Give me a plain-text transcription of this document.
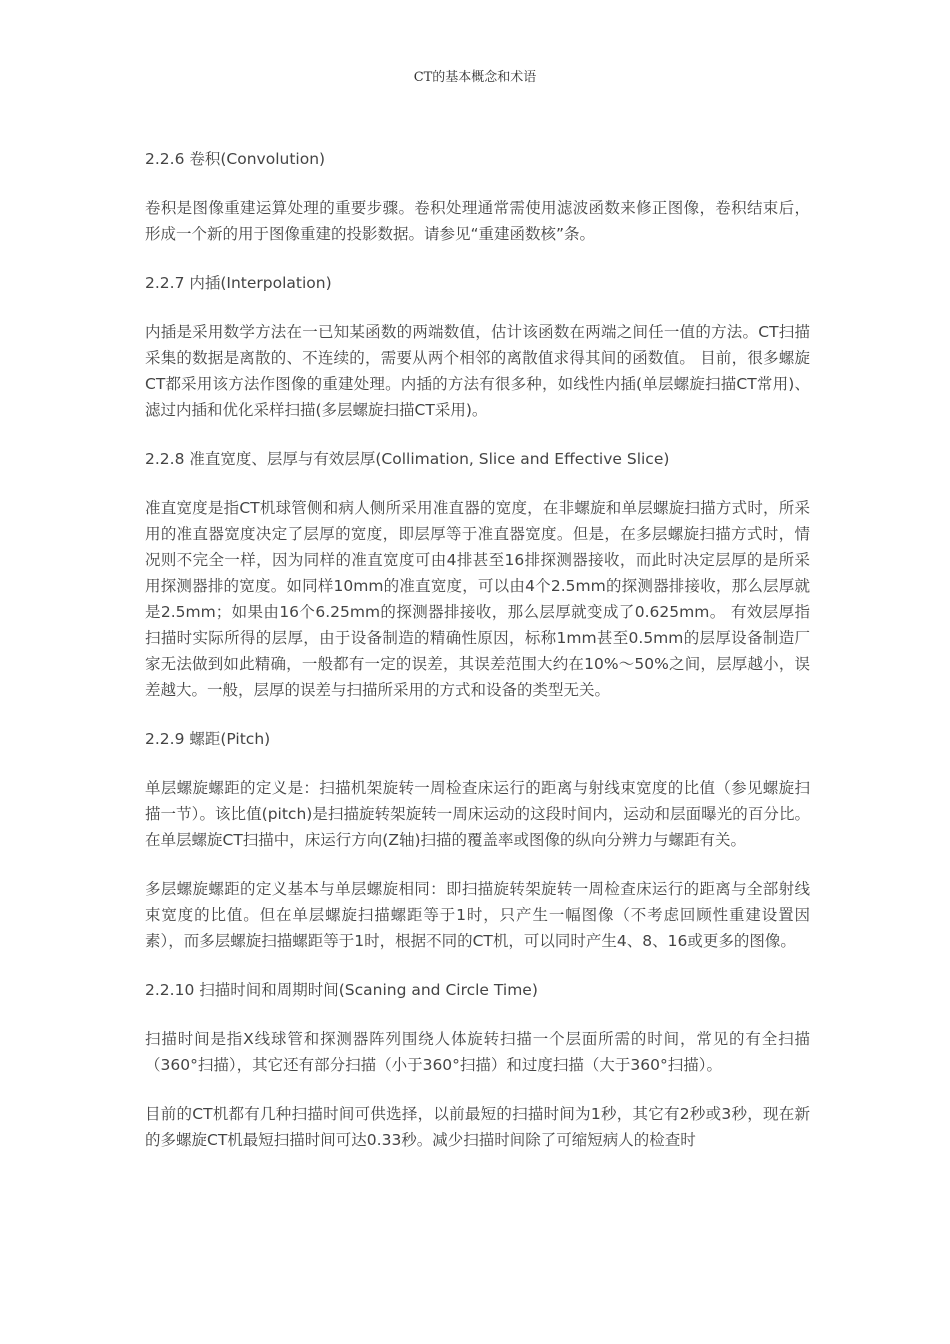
CT的基本概念和术语

2.2.6 卷积(Convolution)

卷积是图像重建运算处理的重要步骤。卷积处理通常需使用滤波函数来修正图像，卷积结束后，形成一个新的用于图像重建的投影数据。请参见“重建函数核”条。

2.2.7 内插(Interpolation)

内插是采用数学方法在一已知某函数的两端数值，估计该函数在两端之间任一值的方法。CT扫描采集的数据是离散的、不连续的，需要从两个相邻的离散值求得其间的函数值。 目前，很多螺旋CT都采用该方法作图像的重建处理。内插的方法有很多种，如线性内插(单层螺旋扫描CT常用)、滤过内插和优化采样扫描(多层螺旋扫描CT采用)。

2.2.8 准直宽度、层厚与有效层厚(Collimation, Slice and Effective Slice)

准直宽度是指CT机球管侧和病人侧所采用准直器的宽度，在非螺旋和单层螺旋扫描方式时，所采用的准直器宽度决定了层厚的宽度，即层厚等于准直器宽度。但是，在多层螺旋扫描方式时，情况则不完全一样，因为同样的准直宽度可由4排甚至16排探测器接收，而此时决定层厚的是所采用探测器排的宽度。如同样10mm的准直宽度，可以由4个2.5mm的探测器排接收，那么层厚就是2.5mm；如果由16个6.25mm的探测器排接收，那么层厚就变成了0.625mm。 有效层厚指扫描时实际所得的层厚，由于设备制造的精确性原因，标称1mm甚至0.5mm的层厚设备制造厂家无法做到如此精确，一般都有一定的误差，其误差范围大约在10%～50%之间，层厚越小，误差越大。一般，层厚的误差与扫描所采用的方式和设备的类型无关。

2.2.9 螺距(Pitch)

单层螺旋螺距的定义是：扫描机架旋转一周检查床运行的距离与射线束宽度的比值（参见螺旋扫描一节）。该比值(pitch)是扫描旋转架旋转一周床运动的这段时间内，运动和层面曝光的百分比。在单层螺旋CT扫描中，床运行方向(Z轴)扫描的覆盖率或图像的纵向分辨力与螺距有关。

多层螺旋螺距的定义基本与单层螺旋相同：即扫描旋转架旋转一周检查床运行的距离与全部射线束宽度的比值。但在单层螺旋扫描螺距等于1时，只产生一幅图像（不考虑回顾性重建设置因素），而多层螺旋扫描螺距等于1时，根据不同的CT机，可以同时产生4、8、16或更多的图像。

2.2.10 扫描时间和周期时间(Scaning and Circle Time)

扫描时间是指X线球管和探测器阵列围绕人体旋转扫描一个层面所需的时间，常见的有全扫描（360°扫描），其它还有部分扫描（小于360°扫描）和过度扫描（大于360°扫描）。

目前的CT机都有几种扫描时间可供选择，以前最短的扫描时间为1秒，其它有2秒或3秒，现在新的多螺旋CT机最短扫描时间可达0.33秒。减少扫描时间除了可缩短病人的检查时
